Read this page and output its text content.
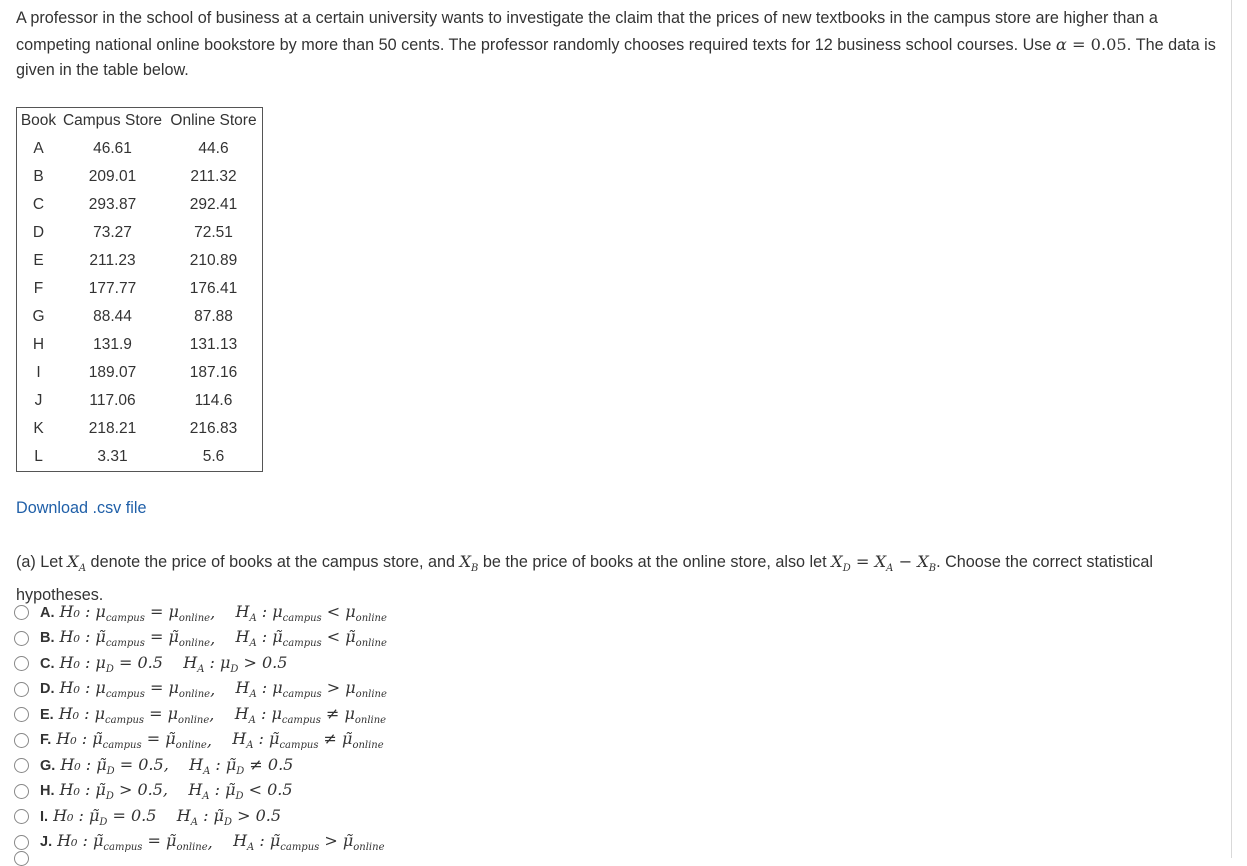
A professor in the school of business at a certain university wants to investigate the claim that the prices of new textbooks in the campus store are higher than a competing national online bookstore by more than 50 cents. The professor randomly chooses required texts for 12 business school courses. Use α = 0.05. The data is given in the table below.
Book	Campus Store	Online Store
A	46.61	44.6
B	209.01	211.32
C	293.87	292.41
D	73.27	72.51
E	211.23	210.89
F	177.77	176.41
G	88.44	87.88
H	131.9	131.13
I	189.07	187.16
J	117.06	114.6
K	218.21	216.83
L	3.31	5.6
Download .csv file
(a) Let $X_A$ denote the price of books at the campus store, and $X_B$ be the price of books at the online store, also let $X_D = X_A - X_B$. Choose the correct statistical hypotheses.
A. H₀ : $\mu_{campus} = \mu_{online}$ , $H_A$ : $\mu_{campus} < \mu_{online}$
B. H₀ : $\mũ_{campus}$ = $\mũ_{online}$ , $H_A$ : $\mũ_{campus}$ < $\mũ_{online}$
C. H₀ : $\mu_D = 0.5$
$H_A$ : $\mu_D > 0.5$
D. H₀ : $\mu_{campus} = \mu_{online}$ , $H_A$ : $\mu_{campus} > \mu_{online}$
E. H₀ : $\mu_{campus} = \mu_{online}$ , $H_A$ : $\mu_{campus} \ne \mu_{online}$
F. H₀ : $\mũ_{campus}$ = $\mũ_{online}$ , $H_A$ : $\mũ_{campus}$ ≠ $\mũ_{online}$
G. H₀ : $\mũ_D = 0.5$,
$H_A$ : $\mũ_D \ne 0.5$
H. H₀ : $\mũ_D > 0.5$,
$H_A$ : $\mũ_D < 0.5$
I. H₀ : $\mũ_D = 0.5$
$H_A$ : $\mũ_D > 0.5$
J. H₀ : $\mũ_{campus}$ = $\mũ_{online}$ , $H_A$ : $\mũ_{campus}$ > $\mũ_{online}$
